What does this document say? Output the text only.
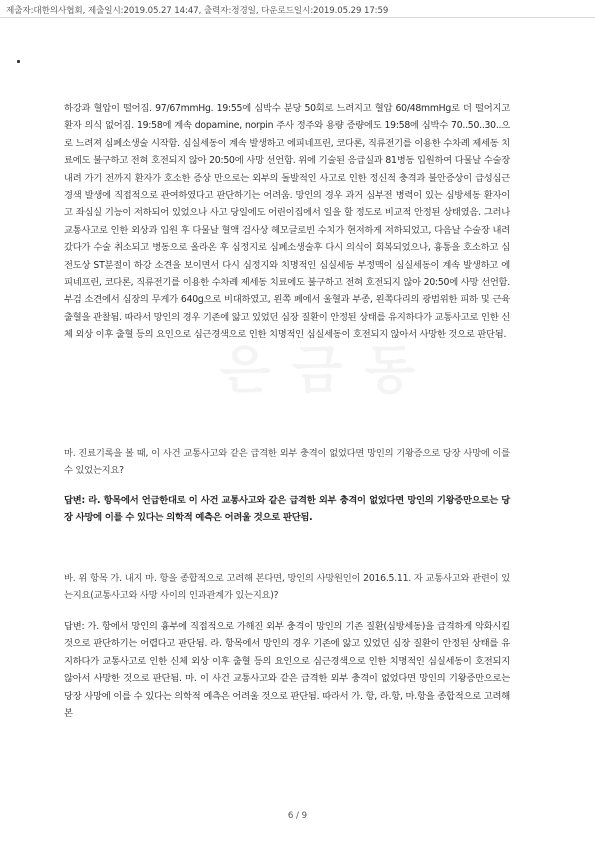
제출자:대한의사협회, 제출일시:2019.05.27 14:47, 출력자:정경일, 다운로드일시:2019.05.29 17:59

하강과 혈압이 떨어짐. 97/67mmHg. 19:55에 심박수 분당 50회로 느려지고 혈압 60/48mmHg로 더 떨어지고 환자 의식 없어짐. 19:58에 계속 dopamine, norpin 주사 정주와 용량 증량에도 19:58에 심박수 70..50..30..으로 느려져 심폐소생술 시작함. 심실세동이 계속 발생하고 에피네프린, 코다론, 직류전기를 이용한 수차례 제세동 치료에도 불구하고 전혀 호전되지 않아 20:50에 사망 선언함. 위에 기술된 응급실과 81병동 입원하여 다물날 수술장 내려 가기 전까지 환자가 호소한 증상 만으로는 외부의 돌발적인 사고로 인한 정신적 충격과 불안증상이 급성심근경색 발생에 직접적으로 관여하였다고 판단하기는 어려움. 망인의 경우 과거 심부전 병력이 있는 심방세동 환자이고 좌심실 기능이 저하되어 있었으나 사고 당일에도 어린이집에서 일을 할 정도로 비교적 안정된 상태였음. 그러나 교통사고로 인한 외상과 입원 후 다물날 혈액 검사상 헤모글로빈 수치가 현저하게 저하되었고, 다음날 수술장 내려갔다가 수술 취소되고 병동으로 올라온 후 심정지로 심폐소생술후 다시 의식이 회복되었으나, 흉통을 호소하고 심전도상 ST분절이 하강 소견을 보이면서 다시 심정지와 치명적인 심실세동 부정맥이 심실세동이 계속 발생하고 에피네프린, 코다론, 직류전기를 이용한 수차례 제세동 치료에도 불구하고 전혀 호전되지 않아 20:50에 사망 선언함. 부검 소견에서 심장의 무게가 640g으로 비대하였고, 왼쪽 폐에서 울혈과 부종, 왼쪽다리의 광범위한 피하 및 근육출혈을 관찰됨. 따라서 망인의 경우 기존에 앓고 있었던 심장 질환이 안정된 상태를 유지하다가 교통사고로 인한 신체 외상 이후 출혈 등의 요인으로 심근경색으로 인한 치명적인 심실세동이 호전되지 않아서 사망한 것으로 판단됨.

마. 진료기록을 볼 때, 이 사건 교통사고와 같은 급격한 외부 충격이 없었다면 망인의 기왕증으로 당장 사망에 이를 수 있었는지요?

답변: 라. 항목에서 언급한대로 이 사건 교통사고와 같은 급격한 외부 충격이 없었다면 망인의 기왕증만으로는 당장 사망에 이를 수 있다는 의학적 예측은 어려울 것으로 판단됨.

바. 위 항목 가. 내지 마. 항을 종합적으로 고려해 본다면, 망인의 사망원인이 2016.5.11. 자 교통사고와 관련이 있는지요(교통사고와 사망 사이의 인과관계가 있는지요)?

답변: 가. 항에서 망인의 흉부에 직접적으로 가해진 외부 충격이 망인의 기존 질환(심방세동)을 급격하게 악화시킬 것으로 판단하기는 어렵다고 판단됨. 라. 항목에서 망인의 경우 기존에 앓고 있었던 심장 질환이 안정된 상태를 유지하다가 교통사고로 인한 신체 외상 이후 출혈 등의 요인으로 심근경색으로 인한 치명적인 심실세동이 호전되지 않아서 사망한 것으로 판단됨. 마. 이 사건 교통사고와 같은 급격한 외부 충격이 없었다면 망인의 기왕증만으로는 당장 사망에 이를 수 있다는 의학적 예측은 어려울 것으로 판단됨. 따라서 가. 항, 라.항, 마.항을 종합적으로 고려해 본

6 / 9
